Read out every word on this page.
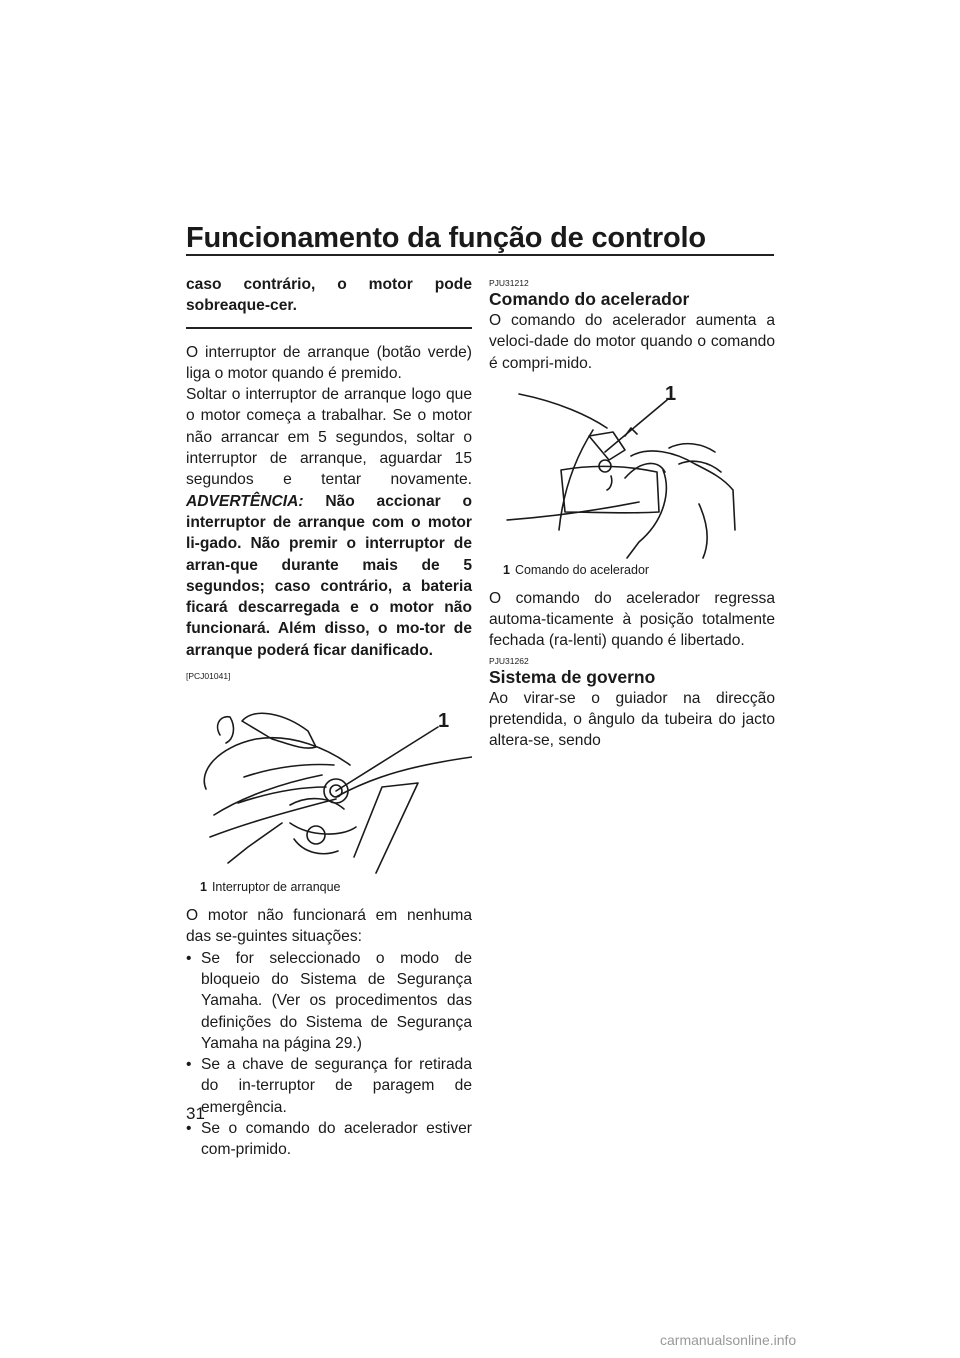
Funcionamento da função de controlo

caso contrário, o motor pode sobreaque-cer.

O interruptor de arranque (botão verde) liga o motor quando é premido.

Soltar o interruptor de arranque logo que o motor começa a trabalhar. Se o motor não arrancar em 5 segundos, soltar o interruptor de arranque, aguardar 15 segundos e tentar novamente. ADVERTÊNCIA: Não accionar o interruptor de arranque com o motor li-gado. Não premir o interruptor de arran-que durante mais de 5 segundos; caso contrário, a bateria ficará descarregada e o motor não funcionará. Além disso, o mo-tor de arranque poderá ficar danificado.

[PCJ01041]

1

1 Interruptor de arranque

O motor não funcionará em nenhuma das se-guintes situações:

• Se for seleccionado o modo de bloqueio do Sistema de Segurança Yamaha. (Ver os procedimentos das definições do Sistema de Segurança Yamaha na página 29.)
• Se a chave de segurança for retirada do in-terruptor de paragem de emergência.
• Se o comando do acelerador estiver com-primido.

PJU31212

Comando do acelerador

O comando do acelerador aumenta a veloci-dade do motor quando o comando é compri-mido.

1

1 Comando do acelerador

O comando do acelerador regressa automa-ticamente à posição totalmente fechada (ra-lenti) quando é libertado.

PJU31262

Sistema de governo

Ao virar-se o guiador na direcção pretendida, o ângulo da tubeira do jacto altera-se, sendo

31
carmanualsonline.info
